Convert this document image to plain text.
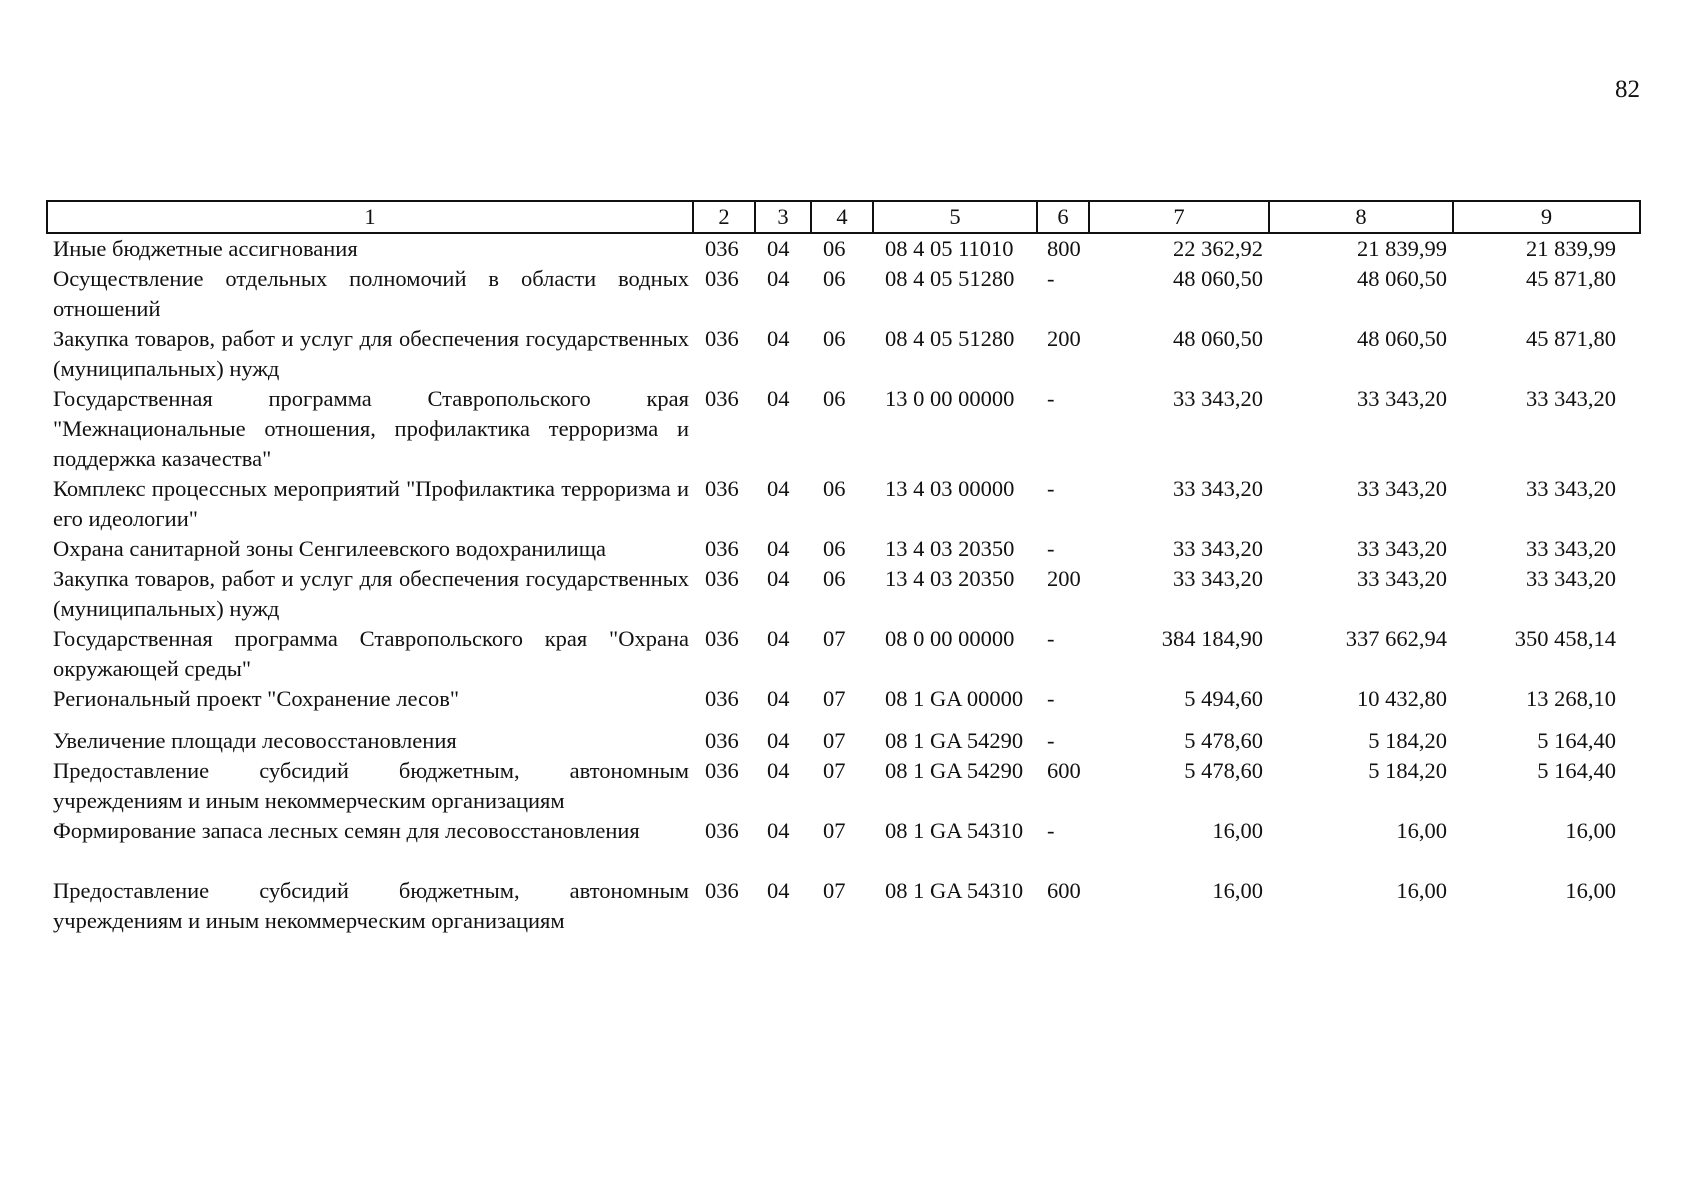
82
1	2	3	4	5	6	7	8	9
Иные бюджетные ассигнования	036	04	06	08 4 05 11010	800	22 362,92	21 839,99	21 839,99
Осуществление отдельных полномочий в области водных отношений	036	04	06	08 4 05 51280	-	48 060,50	48 060,50	45 871,80
Закупка товаров, работ и услуг для обеспечения государственных (муниципальных) нужд	036	04	06	08 4 05 51280	200	48 060,50	48 060,50	45 871,80
Государственная программа Ставропольского края "Межнациональные отношения, профилактика терроризма и поддержка казачества"	036	04	06	13 0 00 00000	-	33 343,20	33 343,20	33 343,20
Комплекс процессных мероприятий "Профилактика терроризма и его идеологии"	036	04	06	13 4 03 00000	-	33 343,20	33 343,20	33 343,20
Охрана санитарной зоны Сенгилеевского водохранилища	036	04	06	13 4 03 20350	-	33 343,20	33 343,20	33 343,20
Закупка товаров, работ и услуг для обеспечения государственных (муниципальных) нужд	036	04	06	13 4 03 20350	200	33 343,20	33 343,20	33 343,20
Государственная программа Ставропольского края "Охрана окружающей среды"	036	04	07	08 0 00 00000	-	384 184,90	337 662,94	350 458,14
Региональный проект "Сохранение лесов"	036	04	07	08 1 GA 00000	-	5 494,60	10 432,80	13 268,10
Увеличение площади лесовосстановления	036	04	07	08 1 GA 54290	-	5 478,60	5 184,20	5 164,40
Предоставление субсидий бюджетным, автономным учреждениям и иным некоммерческим организациям	036	04	07	08 1 GA 54290	600	5 478,60	5 184,20	5 164,40
Формирование запаса лесных семян для лесовосстановления	036	04	07	08 1 GA 54310	-	16,00	16,00	16,00
Предоставление субсидий бюджетным, автономным учреждениям и иным некоммерческим организациям	036	04	07	08 1 GA 54310	600	16,00	16,00	16,00
